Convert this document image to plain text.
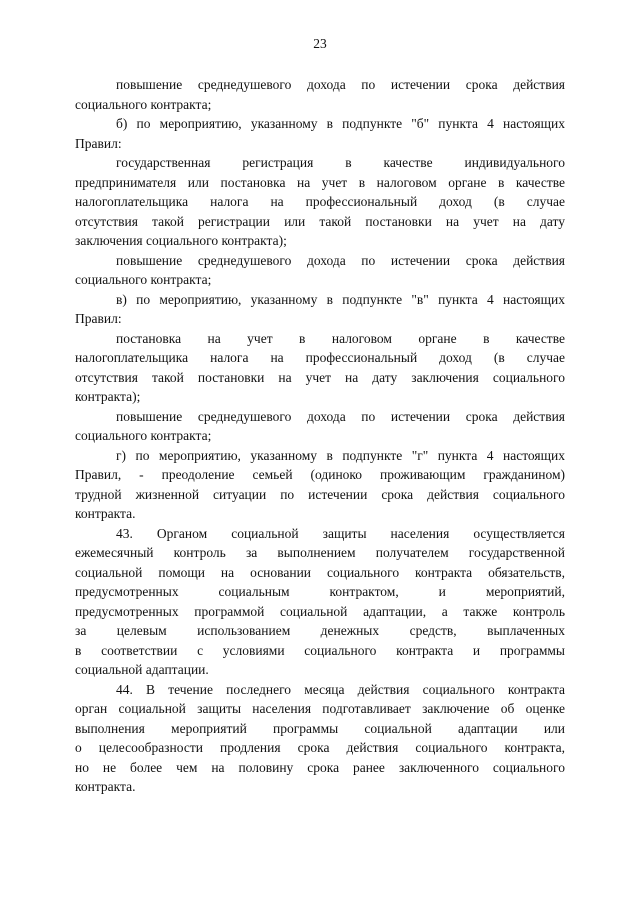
23
повышение среднедушевого дохода по истечении срока действия
социального контракта;
б) по мероприятию, указанному в подпункте "б" пункта 4 настоящих
Правил:
государственная регистрация в качестве индивидуального
предпринимателя или постановка на учет в налоговом органе в качестве
налогоплательщика налога на профессиональный доход (в случае
отсутствия такой регистрации или такой постановки на учет на дату
заключения социального контракта);
повышение среднедушевого дохода по истечении срока действия
социального контракта;
в) по мероприятию, указанному в подпункте "в" пункта 4 настоящих
Правил:
постановка на учет в налоговом органе в качестве
налогоплательщика налога на профессиональный доход (в случае
отсутствия такой постановки на учет на дату заключения социального
контракта);
повышение среднедушевого дохода по истечении срока действия
социального контракта;
г) по мероприятию, указанному в подпункте "г" пункта 4 настоящих
Правил, - преодоление семьей (одиноко проживающим гражданином)
трудной жизненной ситуации по истечении срока действия социального
контракта.
43. Органом социальной защиты населения осуществляется
ежемесячный контроль за выполнением получателем государственной
социальной помощи на основании социального контракта обязательств,
предусмотренных социальным контрактом, и мероприятий,
предусмотренных программой социальной адаптации, а также контроль
за целевым использованием денежных средств, выплаченных
в соответствии с условиями социального контракта и программы
социальной адаптации.
44. В течение последнего месяца действия социального контракта
орган социальной защиты населения подготавливает заключение об оценке
выполнения мероприятий программы социальной адаптации или
о целесообразности продления срока действия социального контракта,
но не более чем на половину срока ранее заключенного социального
контракта.
